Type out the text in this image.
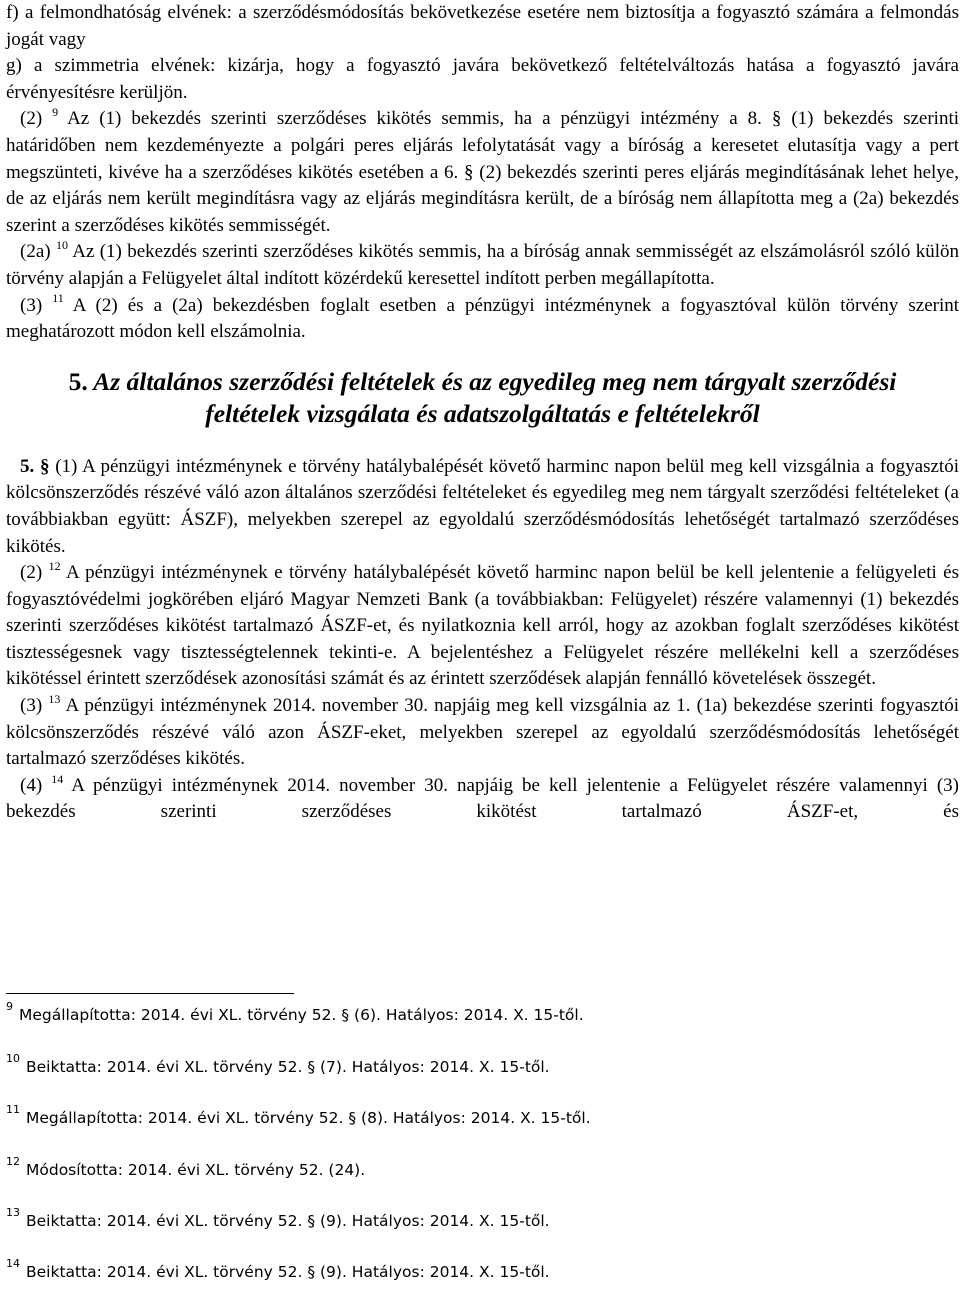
f) a felmondhatóság elvének: a szerződésmódosítás bekövetkezése esetére nem biztosítja a fogyasztó számára a felmondás jogát vagy

g) a szimmetria elvének: kizárja, hogy a fogyasztó javára bekövetkező feltételváltozás hatása a fogyasztó javára érvényesítésre kerüljön.

(2) $^9$ Az (1) bekezdés szerinti szerződéses kikötés semmis, ha a pénzügyi intézmény a 8. § (1) bekezdés szerinti határidőben nem kezdeményezte a polgári peres eljárás lefolytatását vagy a bíróság a keresetet elutasítja vagy a pert megszünteti, kivéve ha a szerződéses kikötés esetében a 6. § (2) bekezdés szerinti peres eljárás megindításának lehet helye, de az eljárás nem került megindításra vagy az eljárás megindításra került, de a bíróság nem állapította meg a (2a) bekezdés szerint a szerződéses kikötés semmisségét.

(2a) $^{10}$ Az (1) bekezdés szerinti szerződéses kikötés semmis, ha a bíróság annak semmisségét az elszámolásról szóló külön törvény alapján a Felügyelet által indított közérdekű keresettel indított perben megállapította.

(3) $^{11}$ A (2) és a (2a) bekezdésben foglalt esetben a pénzügyi intézménynek a fogyasztóval külön törvény szerint meghatározott módon kell elszámolnia.

5. Az általános szerződési feltételek és az egyedileg meg nem tárgyalt szerződési

feltételek vizsgálata és adatszolgáltatás e feltételekről

5. § (1) A pénzügyi intézménynek e törvény hatálybalépését követő harminc napon belül meg kell vizsgálnia a fogyasztói kölcsönszerződés részévé váló azon általános szerződési feltételeket és egyedileg meg nem tárgyalt szerződési feltételeket (a továbbiakban együtt: ÁSZF), melyekben szerepel az egyoldalú szerződésmódosítás lehetőségét tartalmazó szerződéses kikötés.

(2) $^{12}$ A pénzügyi intézménynek e törvény hatálybalépését követő harminc napon belül be kell jelentenie a felügyeleti és fogyasztóvédelmi jogkörében eljáró Magyar Nemzeti Bank (a továbbiakban: Felügyelet) részére valamennyi (1) bekezdés szerinti szerződéses kikötést tartalmazó ÁSZF-et, és nyilatkoznia kell arról, hogy az azokban foglalt szerződéses kikötést tisztességesnek vagy tisztességtelennek tekinti-e. A bejelentéshez a Felügyelet részére mellékelni kell a szerződéses kikötéssel érintett szerződések azonosítási számát és az érintett szerződések alapján fennálló követelések összegét.

(3) $^{13}$ A pénzügyi intézménynek 2014. november 30. napjáig meg kell vizsgálnia az 1. (1a) bekezdése szerinti fogyasztói kölcsönszerződés részévé váló azon ÁSZF-eket, melyekben szerepel az egyoldalú szerződésmódosítás lehetőségét tartalmazó szerződéses kikötés.

(4) $^{14}$ A pénzügyi intézménynek 2014. november 30. napjáig be kell jelentenie a Felügyelet részére valamennyi (3) bekezdés szerinti szerződéses kikötést tartalmazó ÁSZF-et, és

$^9$ Megállapította: 2014. évi XL. törvény 52. § (6). Hatályos: 2014. X. 15-től.
$^{10}$ Beiktatta: 2014. évi XL. törvény 52. § (7). Hatályos: 2014. X. 15-től.
$^{11}$ Megállapította: 2014. évi XL. törvény 52. § (8). Hatályos: 2014. X. 15-től.
$^{12}$ Módosította: 2014. évi XL. törvény 52. (24).
$^{13}$ Beiktatta: 2014. évi XL. törvény 52. § (9). Hatályos: 2014. X. 15-től.
$^{14}$ Beiktatta: 2014. évi XL. törvény 52. § (9). Hatályos: 2014. X. 15-től.
